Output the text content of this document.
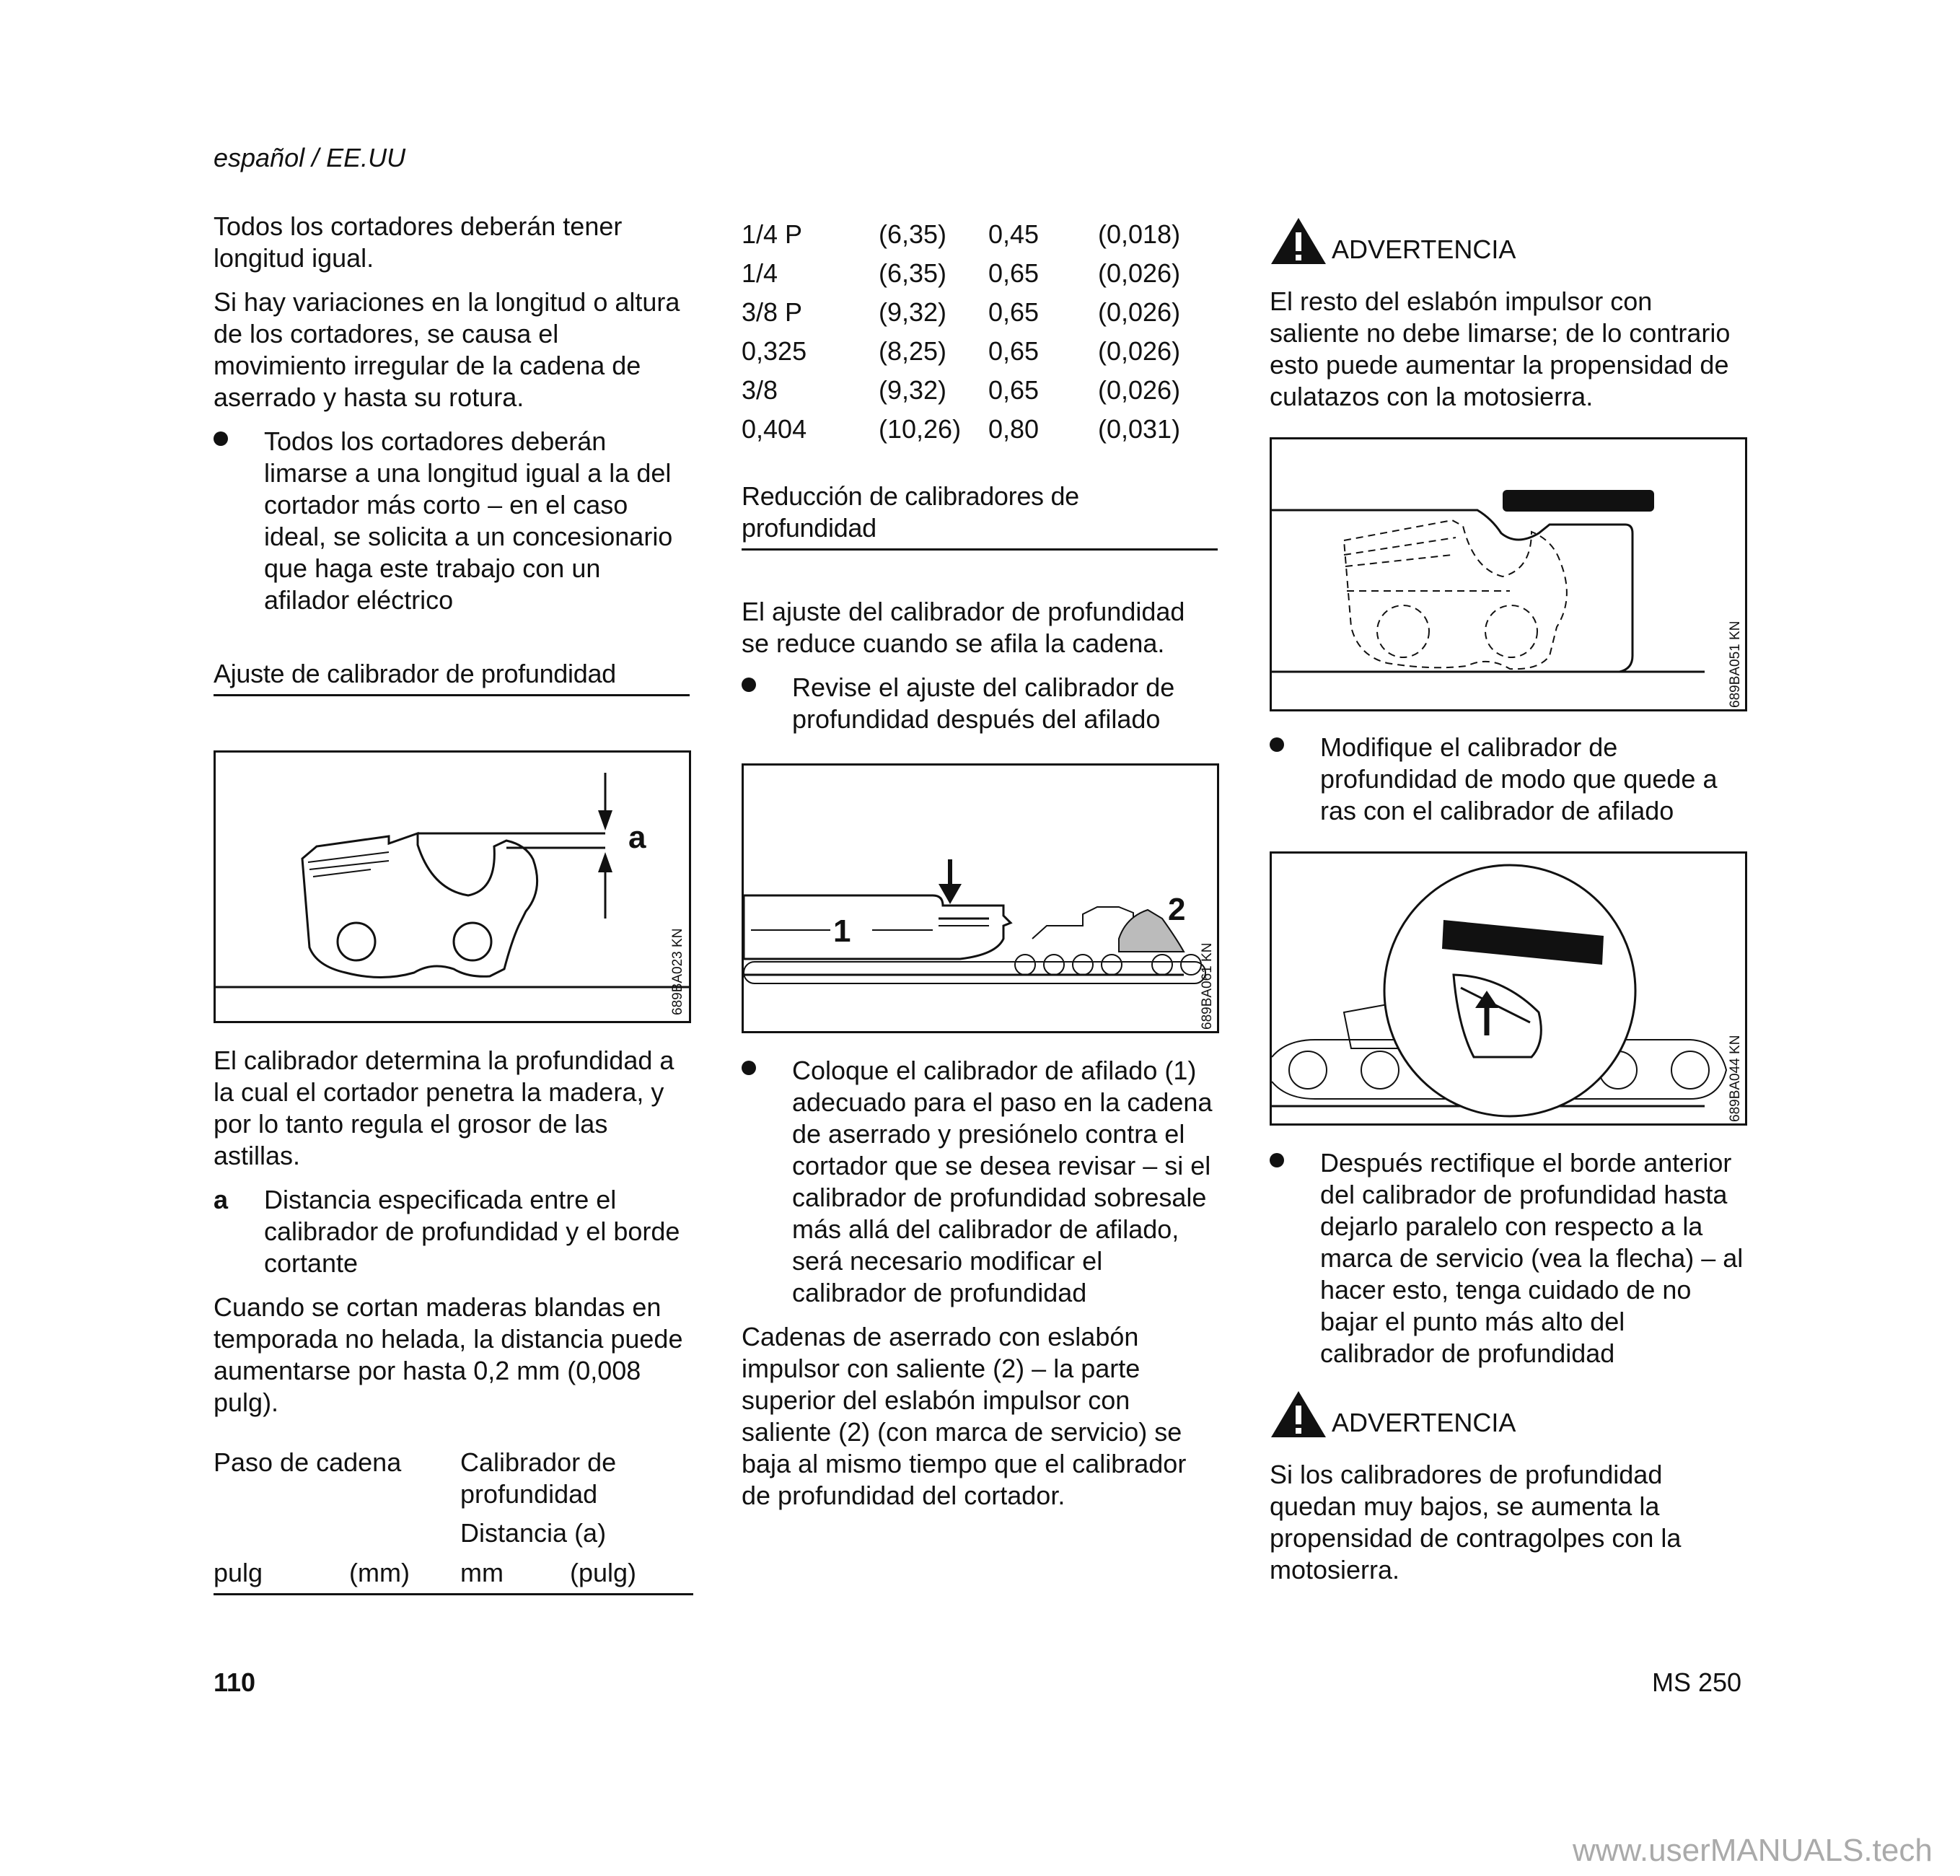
español / EE.UU

Todos los cortadores deberán tener longitud igual.

Si hay variaciones en la longitud o altura de los cortadores, se causa el movimiento irregular de la cadena de aserrado y hasta su rotura.

Todos los cortadores deberán limarse a una longitud igual a la del cortador más corto – en el caso ideal, se solicita a un concesionario que haga este trabajo con un afilador eléctrico
Ajuste de calibrador de profundidad
a
689BA023 KN

El calibrador determina la profundidad a la cual el cortador penetra la madera, y por lo tanto regula el grosor de las astillas.

a Distancia especificada entre el calibrador de profundidad y el borde cortante

Cuando se cortan maderas blandas en temporada no helada, la distancia puede aumentarse por hasta 0,2 mm (0,008 pulg).

Paso de cadena Calibrador de profundidad
Distancia (a)
pulg	(mm) mm	(pulg)
1/4 P	(6,35)	0,45	(0,018)
1/4	(6,35)	0,65	(0,026)
3/8 P	(9,32)	0,65	(0,026)
0,325	(8,25)	0,65	(0,026)
3/8	(9,32)	0,65	(0,026)
0,404	(10,26)	0,80	(0,031)
Reducción de calibradores de profundidad

El ajuste del calibrador de profundidad se reduce cuando se afila la cadena.

Revise el ajuste del calibrador de profundidad después del afilado
1
2
689BA061 KN
Coloque el calibrador de afilado (1) adecuado para el paso en la cadena de aserrado y presiónelo contra el cortador que se desea revisar – si el calibrador de profundidad sobresale más allá del calibrador de afilado, será necesario modificar el calibrador de profundidad

Cadenas de aserrado con eslabón impulsor con saliente (2) – la parte superior del eslabón impulsor con saliente (2) (con marca de servicio) se baja al mismo tiempo que el calibrador de profundidad del cortador.

ADVERTENCIA
El resto del eslabón impulsor con saliente no debe limarse; de lo contrario esto puede aumentar la propensidad de culatazos con la motosierra.
689BA051 KN
Modifique el calibrador de profundidad de modo que quede a ras con el calibrador de afilado
689BA044 KN
Después rectifique el borde anterior del calibrador de profundidad hasta dejarlo paralelo con respecto a la marca de servicio (vea la flecha) – al hacer esto, tenga cuidado de no bajar el punto más alto del calibrador de profundidad
ADVERTENCIA
Si los calibradores de profundidad quedan muy bajos, se aumenta la propensidad de contragolpes con la motosierra.
110	MS 250
www.userMANUALS.tech
